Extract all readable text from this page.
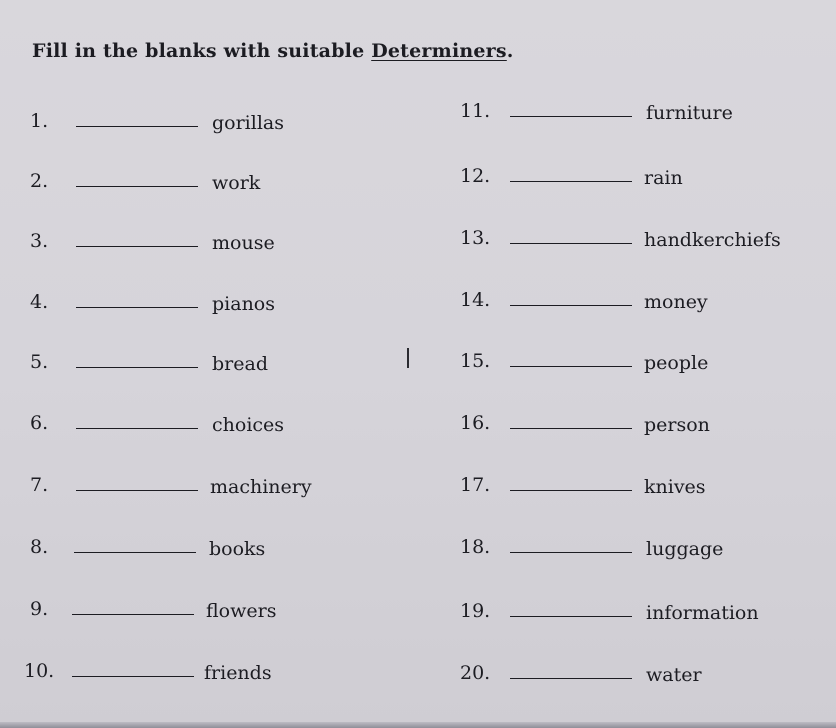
Fill in the blanks with suitable Determiners.
1.	gorillas
2.	work
3.	mouse
4.	pianos
5.	bread
6.	choices
7.	machinery
8.	books
9.	flowers
10.	friends
11.	furniture
12.	rain
13.	handkerchiefs
14.	money
15.	people
16.	person
17.	knives
18.	luggage
19.	information
20.	water
